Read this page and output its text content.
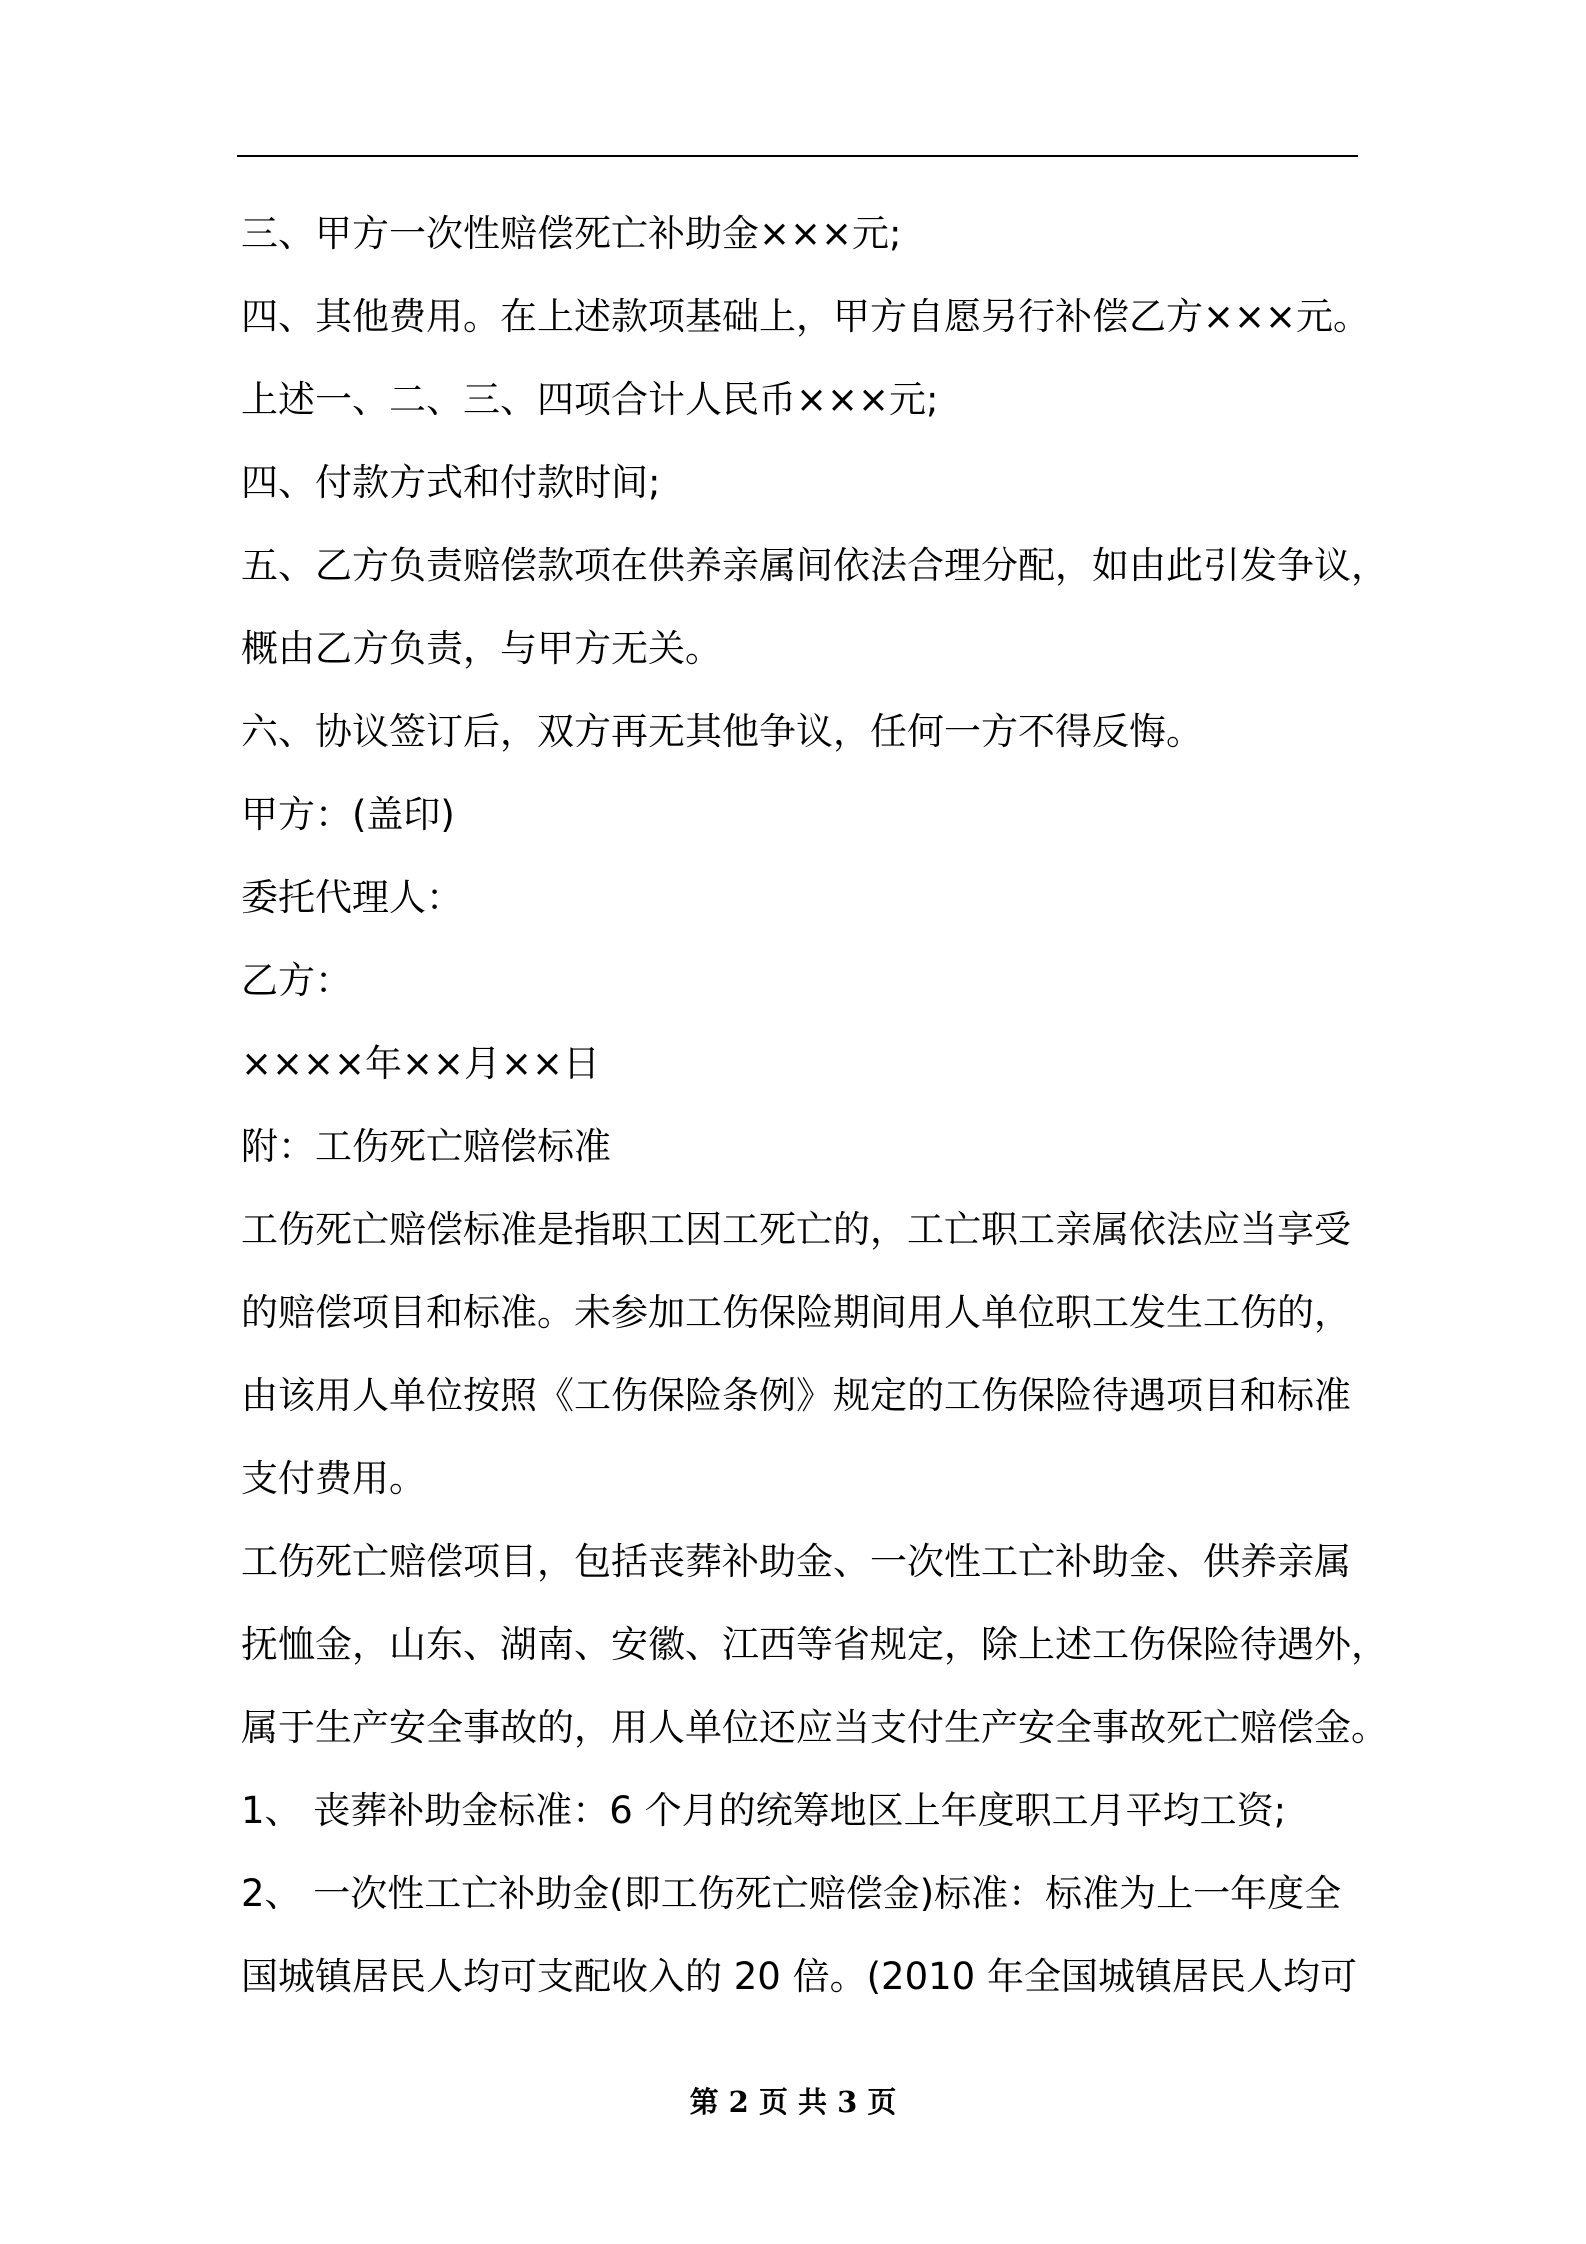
三、甲方一次性赔偿死亡补助金×××元;
四、其他费用。在上述款项基础上，甲方自愿另行补偿乙方×××元。
上述一、二、三、四项合计人民币×××元;
四、付款方式和付款时间;
五、乙方负责赔偿款项在供养亲属间依法合理分配，如由此引发争议，
概由乙方负责，与甲方无关。
六、协议签订后，双方再无其他争议，任何一方不得反悔。
甲方：(盖印)
委托代理人：
乙方：
××××年××月××日
附：工伤死亡赔偿标准
工伤死亡赔偿标准是指职工因工死亡的，工亡职工亲属依法应当享受
的赔偿项目和标准。未参加工伤保险期间用人单位职工发生工伤的，
由该用人单位按照《工伤保险条例》规定的工伤保险待遇项目和标准
支付费用。
工伤死亡赔偿项目，包括丧葬补助金、一次性工亡补助金、供养亲属
抚恤金，山东、湖南、安徽、江西等省规定，除上述工伤保险待遇外，
属于生产安全事故的，用人单位还应当支付生产安全事故死亡赔偿金。
1、 丧葬补助金标准：6 个月的统筹地区上年度职工月平均工资;
2、 一次性工亡补助金(即工伤死亡赔偿金)标准：标准为上一年度全
国城镇居民人均可支配收入的 20 倍。(2010 年全国城镇居民人均可
第 2 页 共 3 页
